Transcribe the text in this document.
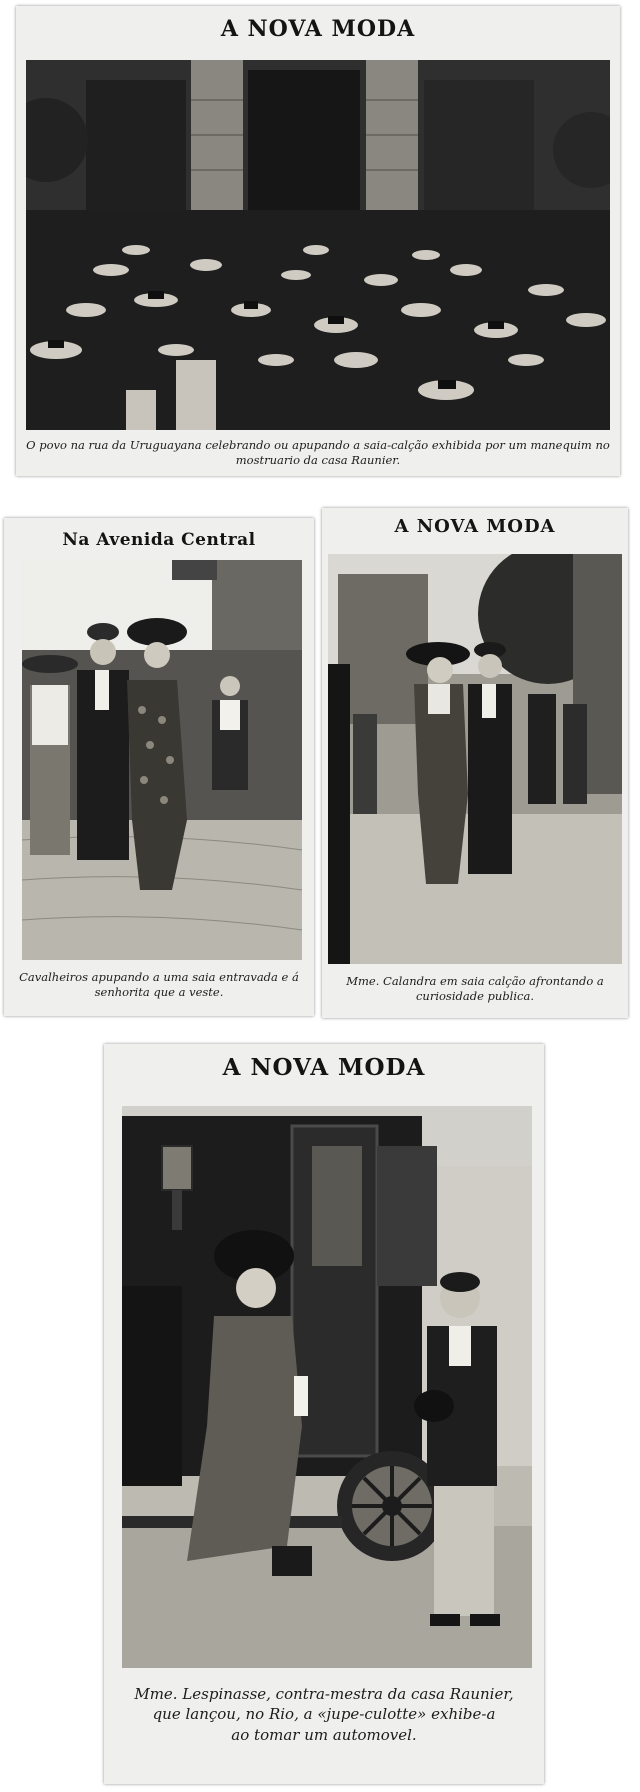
A NOVA MODA
O povo na rua da Uruguayana celebrando ou apupando a saia-calção exhibida por um manequim no
mostruario da casa Raunier.
Na Avenida Central
Cavalheiros apupando a uma saia entravada e á
senhorita que a veste.
A NOVA MODA
Mme. Calandra em saia calção afrontando a
curiosidade publica.
A NOVA MODA
Mme. Lespinasse, contra-mestra da casa Raunier,
que lançou, no Rio, a «jupe-culotte» exhibe-a
ao tomar um automovel.
